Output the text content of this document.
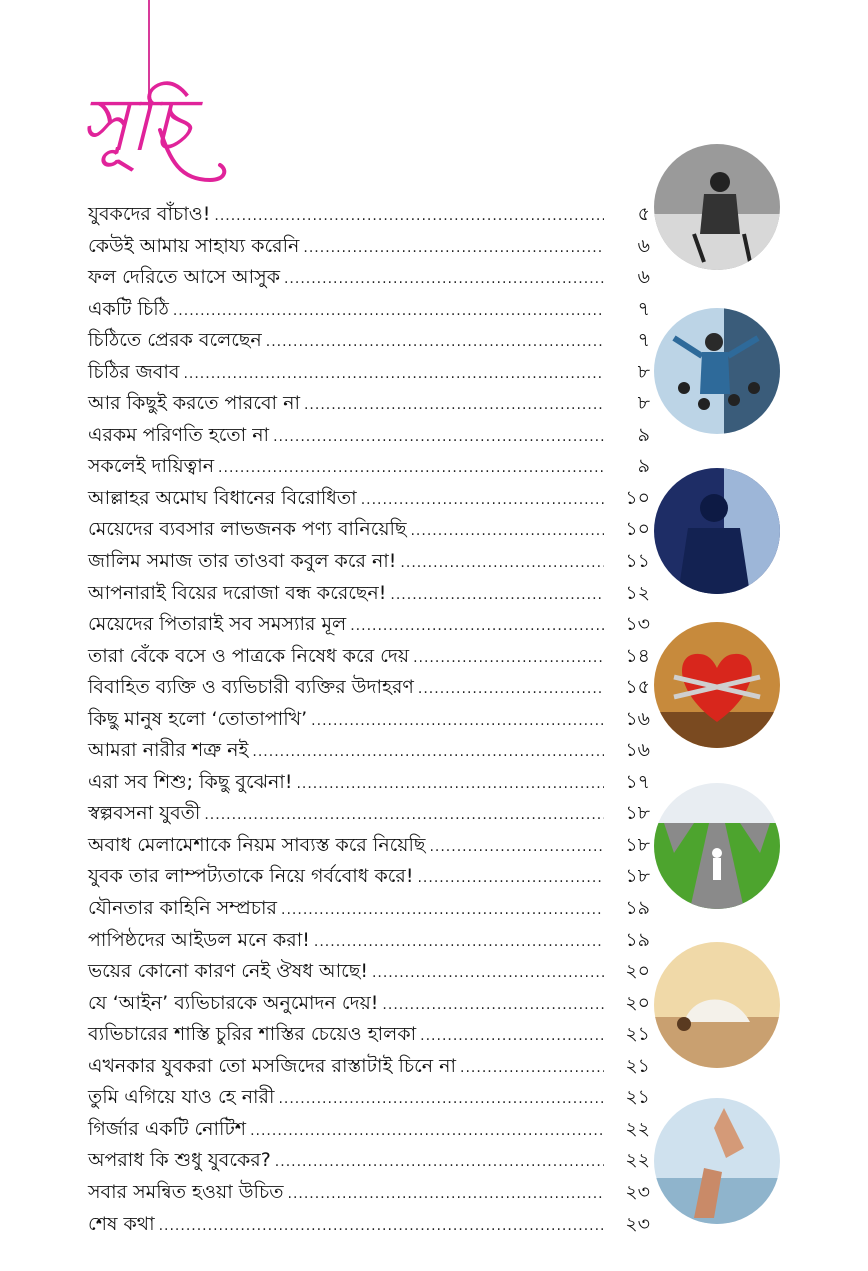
সূচি
যুবকদের বাঁচাও! .....	৫
কেউই আমায় সাহায্য করেনি .....	৬
ফল দেরিতে আসে আসুক .....	৬
একটি চিঠি .....	৭
চিঠিতে প্রেরক বলেছেন .....	৭
চিঠির জবাব .....	৮
আর কিছুই করতে পারবো না .....	৮
এরকম পরিণতি হতো না .....	৯
সকলেই দায়িত্বান .....	৯
আল্লাহর অমোঘ বিধানের বিরোধিতা .....	১০
মেয়েদের ব্যবসার লাভজনক পণ্য বানিয়েছি .....	১০
জালিম সমাজ তার তাওবা কবুল করে না! .....	১১
আপনারাই বিয়ের দরোজা বন্ধ করেছেন! .....	১২
মেয়েদের পিতারাই সব সমস্যার মূল .....	১৩
তারা বেঁকে বসে ও পাত্রকে নিষেধ করে দেয় .....	১৪
বিবাহিত ব্যক্তি ও ব্যভিচারী ব্যক্তির উদাহরণ .....	১৫
কিছু মানুষ হলো ‘তোতাপাখি’ .....	১৬
আমরা নারীর শত্রু নই .....	১৬
এরা সব শিশু; কিছু বুঝেনা! .....	১৭
স্বল্পবসনা যুবতী .....	১৮
অবাধ মেলামেশাকে নিয়ম সাব্যস্ত করে নিয়েছি .....	১৮
যুবক তার লাম্পট্যতাকে নিয়ে গর্ববোধ করে! .....	১৮
যৌনতার কাহিনি সম্প্রচার .....	১৯
পাপিষ্ঠদের আইডল মনে করা! .....	১৯
ভয়ের কোনো কারণ নেই ঔষধ আছে! .....	২০
যে ‘আইন’ ব্যভিচারকে অনুমোদন দেয়! .....	২০
ব্যভিচারের শাস্তি চুরির শাস্তির চেয়েও হালকা .....	২১
এখনকার যুবকরা তো মসজিদের রাস্তাটাই চিনে না .....	২১
তুমি এগিয়ে যাও হে নারী .....	২১
গির্জার একটি নোটিশ .....	২২
অপরাধ কি শুধু যুবকের? .....	২২
সবার সমন্বিত হওয়া উচিত .....	২৩
শেষ কথা .....	২৩
